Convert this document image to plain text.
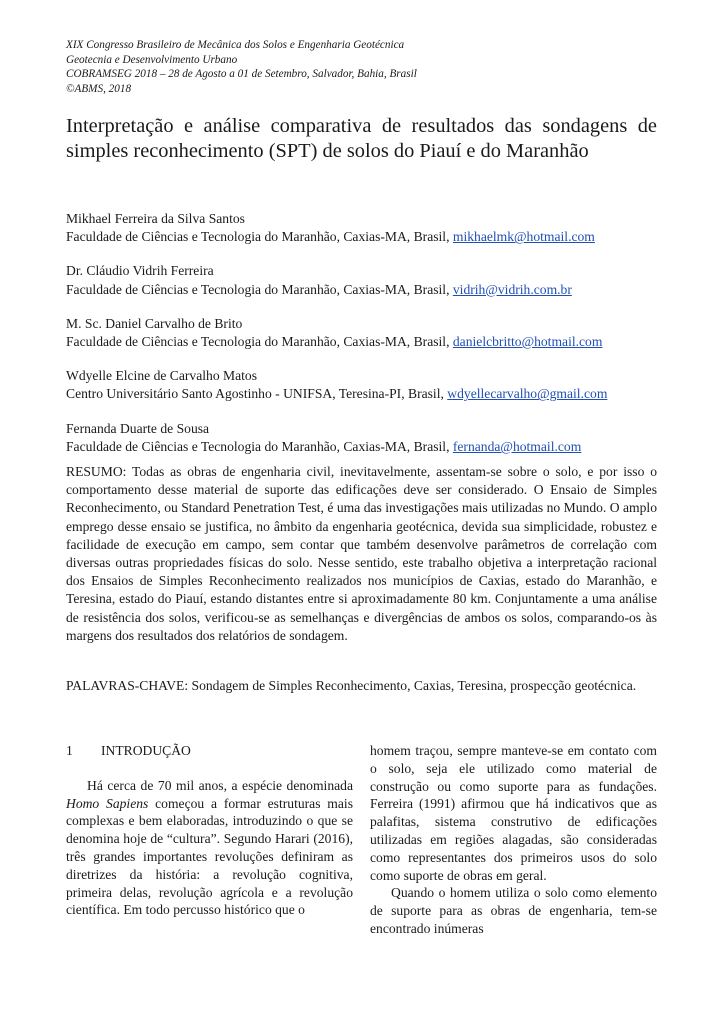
XIX Congresso Brasileiro de Mecânica dos Solos e Engenharia Geotécnica
Geotecnia e Desenvolvimento Urbano
COBRAMSEG 2018 – 28 de Agosto a 01 de Setembro, Salvador, Bahia, Brasil
©ABMS, 2018
Interpretação e análise comparativa de resultados das sondagens de simples reconhecimento (SPT) de solos do Piauí e do Maranhão
Mikhael Ferreira da Silva Santos
Faculdade de Ciências e Tecnologia do Maranhão, Caxias-MA, Brasil, mikhaelmk@hotmail.com
Dr. Cláudio Vidrih Ferreira
Faculdade de Ciências e Tecnologia do Maranhão, Caxias-MA, Brasil, vidrih@vidrih.com.br
M. Sc. Daniel Carvalho de Brito
Faculdade de Ciências e Tecnologia do Maranhão, Caxias-MA, Brasil, danielcbritto@hotmail.com
Wdyelle Elcine de Carvalho Matos
Centro Universitário Santo Agostinho - UNIFSA, Teresina-PI, Brasil, wdyellecarvalho@gmail.com
Fernanda Duarte de Sousa
Faculdade de Ciências e Tecnologia do Maranhão, Caxias-MA, Brasil, fernanda@hotmail.com

RESUMO: Todas as obras de engenharia civil, inevitavelmente, assentam-se sobre o solo, e por isso o comportamento desse material de suporte das edificações deve ser considerado. O Ensaio de Simples Reconhecimento, ou Standard Penetration Test, é uma das investigações mais utilizadas no Mundo. O amplo emprego desse ensaio se justifica, no âmbito da engenharia geotécnica, devida sua simplicidade, robustez e facilidade de execução em campo, sem contar que também desenvolve parâmetros de correlação com diversas outras propriedades físicas do solo. Nesse sentido, este trabalho objetiva a interpretação racional dos Ensaios de Simples Reconhecimento realizados nos municípios de Caxias, estado do Maranhão, e Teresina, estado do Piauí, estando distantes entre si aproximadamente 80 km. Conjuntamente a uma análise de resistência dos solos, verificou-se as semelhanças e divergências de ambos os solos, comparando-os às margens dos resultados dos relatórios de sondagem.

PALAVRAS-CHAVE: Sondagem de Simples Reconhecimento, Caxias, Teresina, prospecção geotécnica.

1 INTRODUÇÃO

Há cerca de 70 mil anos, a espécie denominada Homo Sapiens começou a formar estruturas mais complexas e bem elaboradas, introduzindo o que se denomina hoje de “cultura”. Segundo Harari (2016), três grandes importantes revoluções definiram as diretrizes da história: a revolução cognitiva, primeira delas, revolução agrícola e a revolução científica. Em todo percusso histórico que o

homem traçou, sempre manteve-se em contato com o solo, seja ele utilizado como material de construção ou como suporte para as fundações. Ferreira (1991) afirmou que há indicativos que as palafitas, sistema construtivo de edificações utilizadas em regiões alagadas, são consideradas como representantes dos primeiros usos do solo como suporte de obras em geral.

Quando o homem utiliza o solo como elemento de suporte para as obras de engenharia, tem-se encontrado inúmeras
